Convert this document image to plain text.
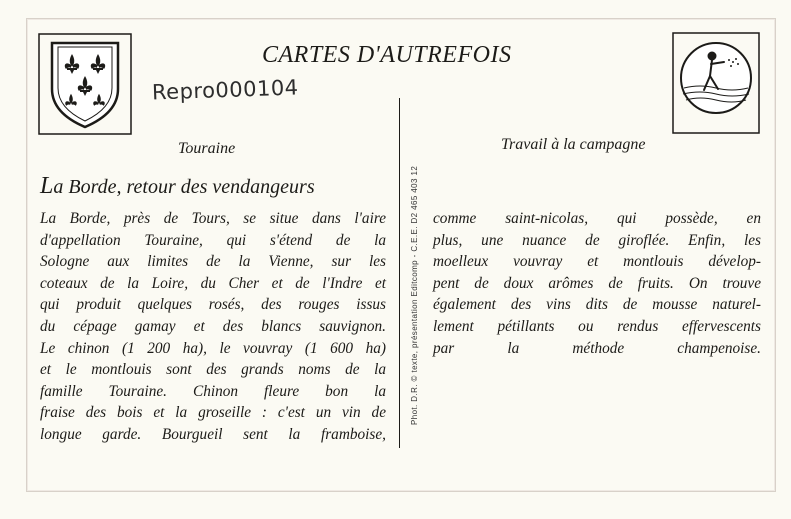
CARTES D'AUTREFOIS
Repro000104
Touraine	Travail à la campagne
La Borde, retour des vendangeurs
La Borde, près de Tours, se situe dans l'aire
d'appellation Touraine, qui s'étend de la
Sologne aux limites de la Vienne, sur les
coteaux de la Loire, du Cher et de l'Indre et
qui produit quelques rosés, des rouges issus
du cépage gamay et des blancs sauvignon.
Le chinon (1 200 ha), le vouvray (1 600 ha)
et le montlouis sont des grands noms de la
famille Touraine. Chinon fleure bon la
fraise des bois et la groseille : c'est un vin de
longue garde. Bourgueil sent la framboise,
Phot. D.R. © texte, présentation Editcomp - C.E.E. D2 465 403 12 comme saint-nicolas, qui possède, en
plus, une nuance de giroflée. Enfin, les
moelleux vouvray et montlouis dévelop-
pent de doux arômes de fruits. On trouve
également des vins dits de mousse naturel-
lement pétillants ou rendus effervescents
par la méthode champenoise.
